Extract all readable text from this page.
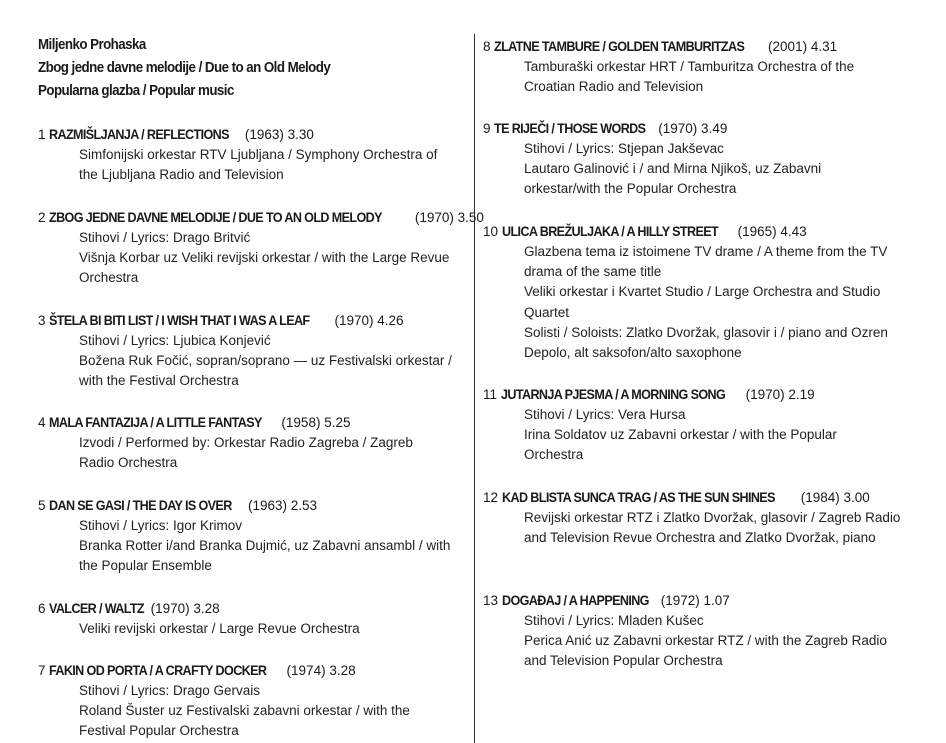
Miljenko Prohaska
Zbog jedne davne melodije / Due to an Old Melody
Popularna glazba / Popular music
1 RAZMIŠLJANJA / REFLECTIONS (1963) 3.30
Simfonijski orkestar RTV Ljubljana / Symphony Orchestra of the Ljubljana Radio and Television
2 ZBOG JEDNE DAVNE MELODIJE / DUE TO AN OLD MELODY (1970) 3.50
Stihovi / Lyrics: Drago Britvić
Višnja Korbar uz Veliki revijski orkestar / with the Large Revue Orchestra
3 ŠTELA BI BITI LIST / I WISH THAT I WAS A LEAF (1970) 4.26
Stihovi / Lyrics: Ljubica Konjević
Božena Ruk Fočić, sopran/soprano — uz Festivalski orkestar / with the Festival Orchestra
4 MALA FANTAZIJA / A LITTLE FANTASY (1958) 5.25
Izvodi / Performed by: Orkestar Radio Zagreba / Zagreb Radio Orchestra
5 DAN SE GASI / THE DAY IS OVER (1963) 2.53
Stihovi / Lyrics: Igor Krimov
Branka Rotter i/and Branka Dujmić, uz Zabavni ansambl / with the Popular Ensemble
6 VALCER / WALTZ (1970) 3.28
Veliki revijski orkestar / Large Revue Orchestra
7 FAKIN OD PORTA / A CRAFTY DOCKER (1974) 3.28
Stihovi / Lyrics: Drago Gervais
Roland Šuster uz Festivalski zabavni orkestar / with the Festival Popular Orchestra
8 ZLATNE TAMBURE / GOLDEN TAMBURITZAS (2001) 4.31
Tamburaški orkestar HRT / Tamburitza Orchestra of the Croatian Radio and Television
9 TE RIJEČI / THOSE WORDS (1970) 3.49
Stihovi / Lyrics: Stjepan Jakševac
Lautaro Galinović i / and Mirna Njikoš, uz Zabavni orkestar/with the Popular Orchestra
10 ULICA BREŽULJAKA / A HILLY STREET (1965) 4.43
Glazbena tema iz istoimene TV drame / A theme from the TV drama of the same title
Veliki orkestar i Kvartet Studio / Large Orchestra and Studio Quartet
Solisti / Soloists: Zlatko Dvoržak, glasovir i / piano and Ozren Depolo, alt saksofon/alto saxophone
11 JUTARNJA PJESMA / A MORNING SONG (1970) 2.19
Stihovi / Lyrics: Vera Hursa
Irina Soldatov uz Zabavni orkestar / with the Popular Orchestra
12 KAD BLISTA SUNCA TRAG / AS THE SUN SHINES (1984) 3.00
Revijski orkestar RTZ i Zlatko Dvoržak, glasovir / Zagreb Radio and Television Revue Orchestra and Zlatko Dvoržak, piano
13 DOGAĐAJ / A HAPPENING (1972) 1.07
Stihovi / Lyrics: Mladen Kušec
Perica Anić uz Zabavni orkestar RTZ / with the Zagreb Radio and Television Popular Orchestra
